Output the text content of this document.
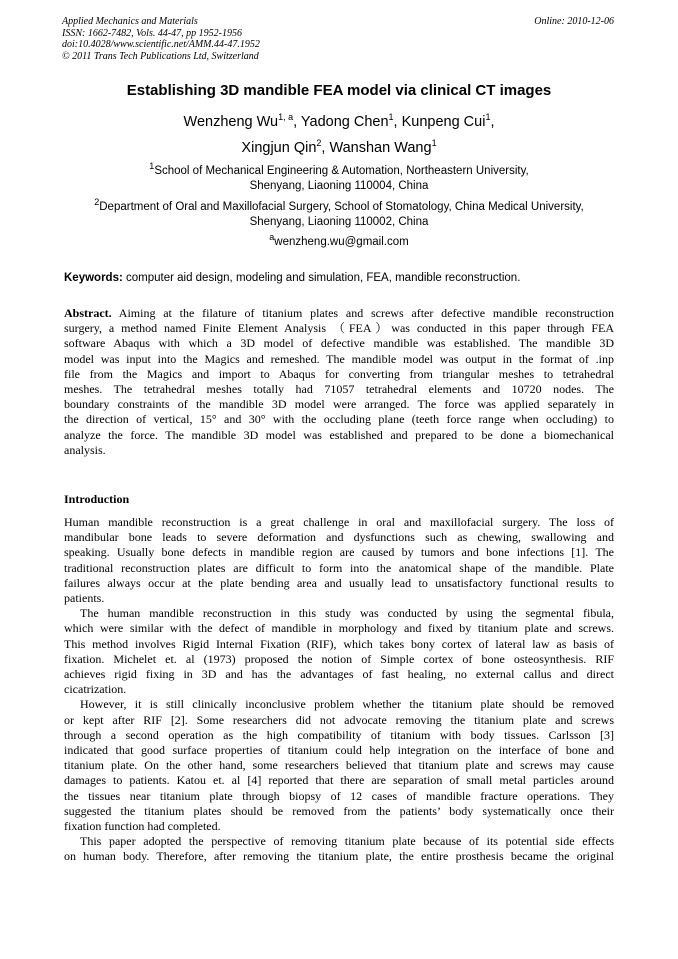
Applied Mechanics and Materials
ISSN: 1662-7482, Vols. 44-47, pp 1952-1956
doi:10.4028/www.scientific.net/AMM.44-47.1952
© 2011 Trans Tech Publications Ltd, Switzerland
Online: 2010-12-06
Establishing 3D mandible FEA model via clinical CT images
Wenzheng Wu$^{1, a}$, Yadong Chen$^1$, Kunpeng Cui$^1$,
Xingjun Qin$^2$, Wanshan Wang$^1$
$^1$School of Mechanical Engineering & Automation, Northeastern University,
Shenyang, Liaoning 110004, China
$^2$Department of Oral and Maxillofacial Surgery, School of Stomatology, China Medical University,
Shenyang, Liaoning 110002, China
$^a$wenzheng.wu@gmail.com
Keywords: computer aid design, modeling and simulation, FEA, mandible reconstruction.
Abstract. Aiming at the filature of titanium plates and screws after defective mandible reconstruction
surgery, a method named Finite Element Analysis （FEA）was conducted in this paper through FEA
software Abaqus with which a 3D model of defective mandible was established. The mandible 3D
model was input into the Magics and remeshed. The mandible model was output in the format of .inp
file from the Magics and import to Abaqus for converting from triangular meshes to tetrahedral
meshes. The tetrahedral meshes totally had 71057 tetrahedral elements and 10720 nodes. The
boundary constraints of the mandible 3D model were arranged. The force was applied separately in
the direction of vertical, 15° and 30° with the occluding plane (teeth force range when occluding) to
analyze the force. The mandible 3D model was established and prepared to be done a biomechanical
analysis.
Introduction
Human mandible reconstruction is a great challenge in oral and maxillofacial surgery. The loss of
mandibular bone leads to severe deformation and dysfunctions such as chewing, swallowing and
speaking. Usually bone defects in mandible region are caused by tumors and bone infections [1]. The
traditional reconstruction plates are difficult to form into the anatomical shape of the mandible. Plate
failures always occur at the plate bending area and usually lead to unsatisfactory functional results to
patients.
The human mandible reconstruction in this study was conducted by using the segmental fibula,
which were similar with the defect of mandible in morphology and fixed by titanium plate and screws.
This method involves Rigid Internal Fixation (RIF), which takes bony cortex of lateral law as basis of
fixation. Michelet et. al (1973) proposed the notion of Simple cortex of bone osteosynthesis. RIF
achieves rigid fixing in 3D and has the advantages of fast healing, no external callus and direct
cicatrization.
However, it is still clinically inconclusive problem whether the titanium plate should be removed
or kept after RIF [2]. Some researchers did not advocate removing the titanium plate and screws
through a second operation as the high compatibility of titanium with body tissues. Carlsson [3]
indicated that good surface properties of titanium could help integration on the interface of bone and
titanium plate. On the other hand, some researchers believed that titanium plate and screws may cause
damages to patients. Katou et. al [4] reported that there are separation of small metal particles around
the tissues near titanium plate through biopsy of 12 cases of mandible fracture operations. They
suggested the titanium plates should be removed from the patients’ body systematically once their
fixation function had completed.
This paper adopted the perspective of removing titanium plate because of its potential side effects
on human body. Therefore, after removing the titanium plate, the entire prosthesis became the original
